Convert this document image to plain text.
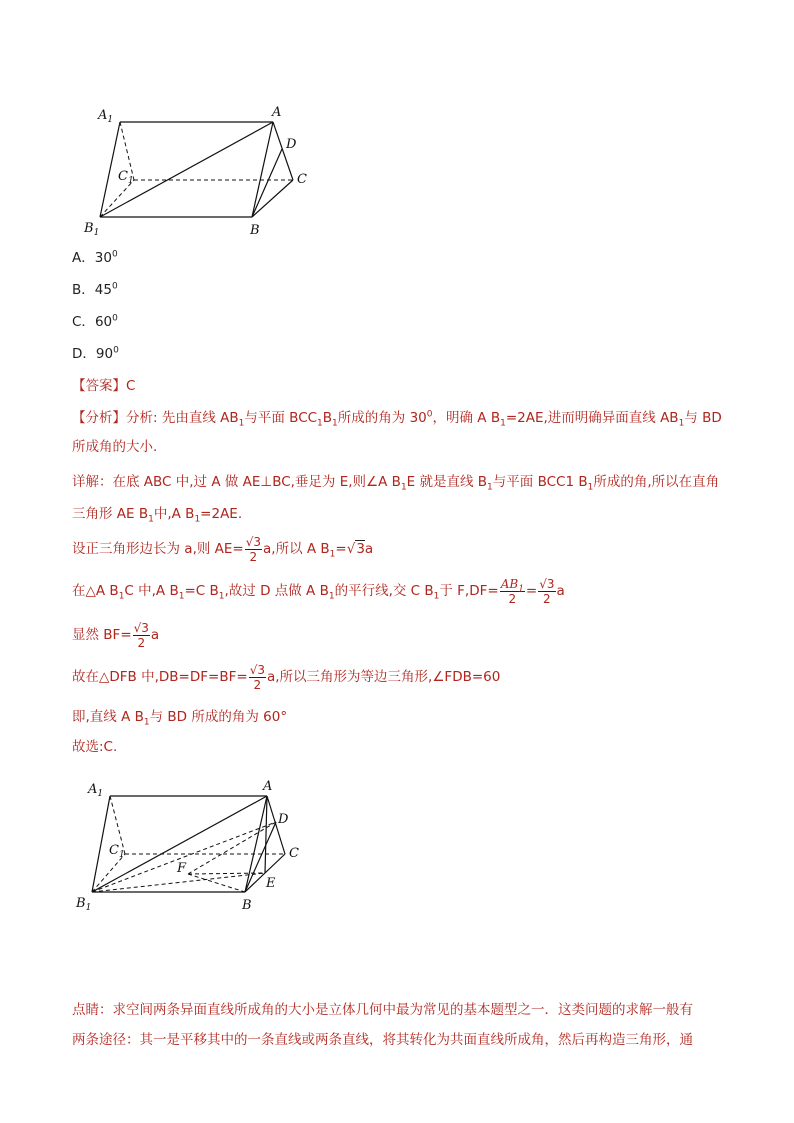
$A_1$	A
D
$C_1$	C
$B_1$	B
A．$30^0$
B．$45^0$
C．$60^0$
D．$90^0$
【答案】C
【分析】分析: 先由直线 $AB_1$与平面 $BCC_1B_1$所成的角为 $30^0$，明确 A $B_1=2AE$,进而明确异面直线 $AB_1$与 BD
所成角的大小.
详解：在底 ABC 中,过 A 做 AE⊥BC,垂足为 E,则∠A $B_1E$ 就是直线 $B_1$与平面 BCC1 $B_1$所成的角,所以在直角
三角形 AE $B_1$中,A $B_1=2AE$.
设正三角形边长为 a,则 $AE= \frac{√3}{2} a$,所以 A $B_1=√3a$
在△A $B_1C$ 中,A $B_1=C$ $B_1$,故过 D 点做 A $B_1$的平行线,交 C $B_1$于 $F,DF= \frac{AB_1}{2} = \frac{√3}{2}$ a
显然 $BF= \frac{√3}{2}$ a
故在△DFB 中$,DB=DF=BF= \frac{√3}{2} a$,所以三角形为等边三角形,∠FDB=60
即,直线 A $B_1$与 BD 所成的角为 60°
故选:C.
$A_1$	A
D
$C_1$	C
F
E
$B_1$	B
点睛：求空间两条异面直线所成角的大小是立体几何中最为常见的基本题型之一．这类问题的求解一般有
两条途径：其一是平移其中的一条直线或两条直线，将其转化为共面直线所成角，然后再构造三角形，通
